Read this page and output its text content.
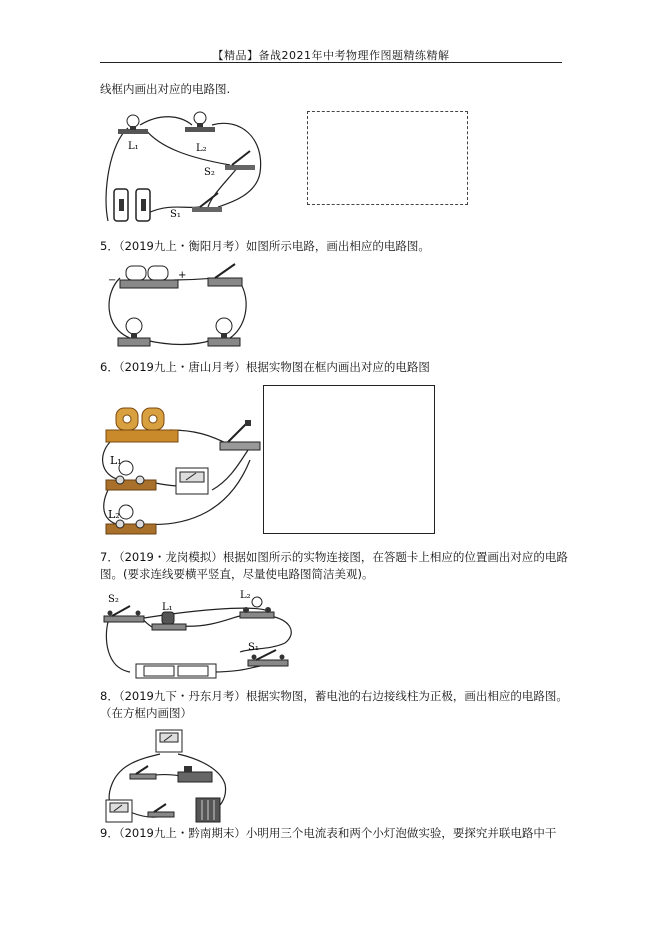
【精品】备战2021年中考物理作图题精练精解
线框内画出对应的电路图.
L₁	L₂
S₂
S₁
5．（2019九上・衡阳月考）如图所示电路，画出相应的电路图。
−	+
6．（2019九上・唐山月考）根据实物图在框内画出对应的电路图
L₁
L₂
7．（2019・龙岗模拟）根据如图所示的实物连接图，在答题卡上相应的位置画出对应的电路
图。(要求连线要横平竖直，尽量使电路图简洁美观)。
S₂
L₁
L₂
S₁
8．（2019九下・丹东月考）根据实物图，蓄电池的右边接线柱为正极，画出相应的电路图。
（在方框内画图）
9．（2019九上・黔南期末）小明用三个电流表和两个小灯泡做实验，要探究并联电路中干
